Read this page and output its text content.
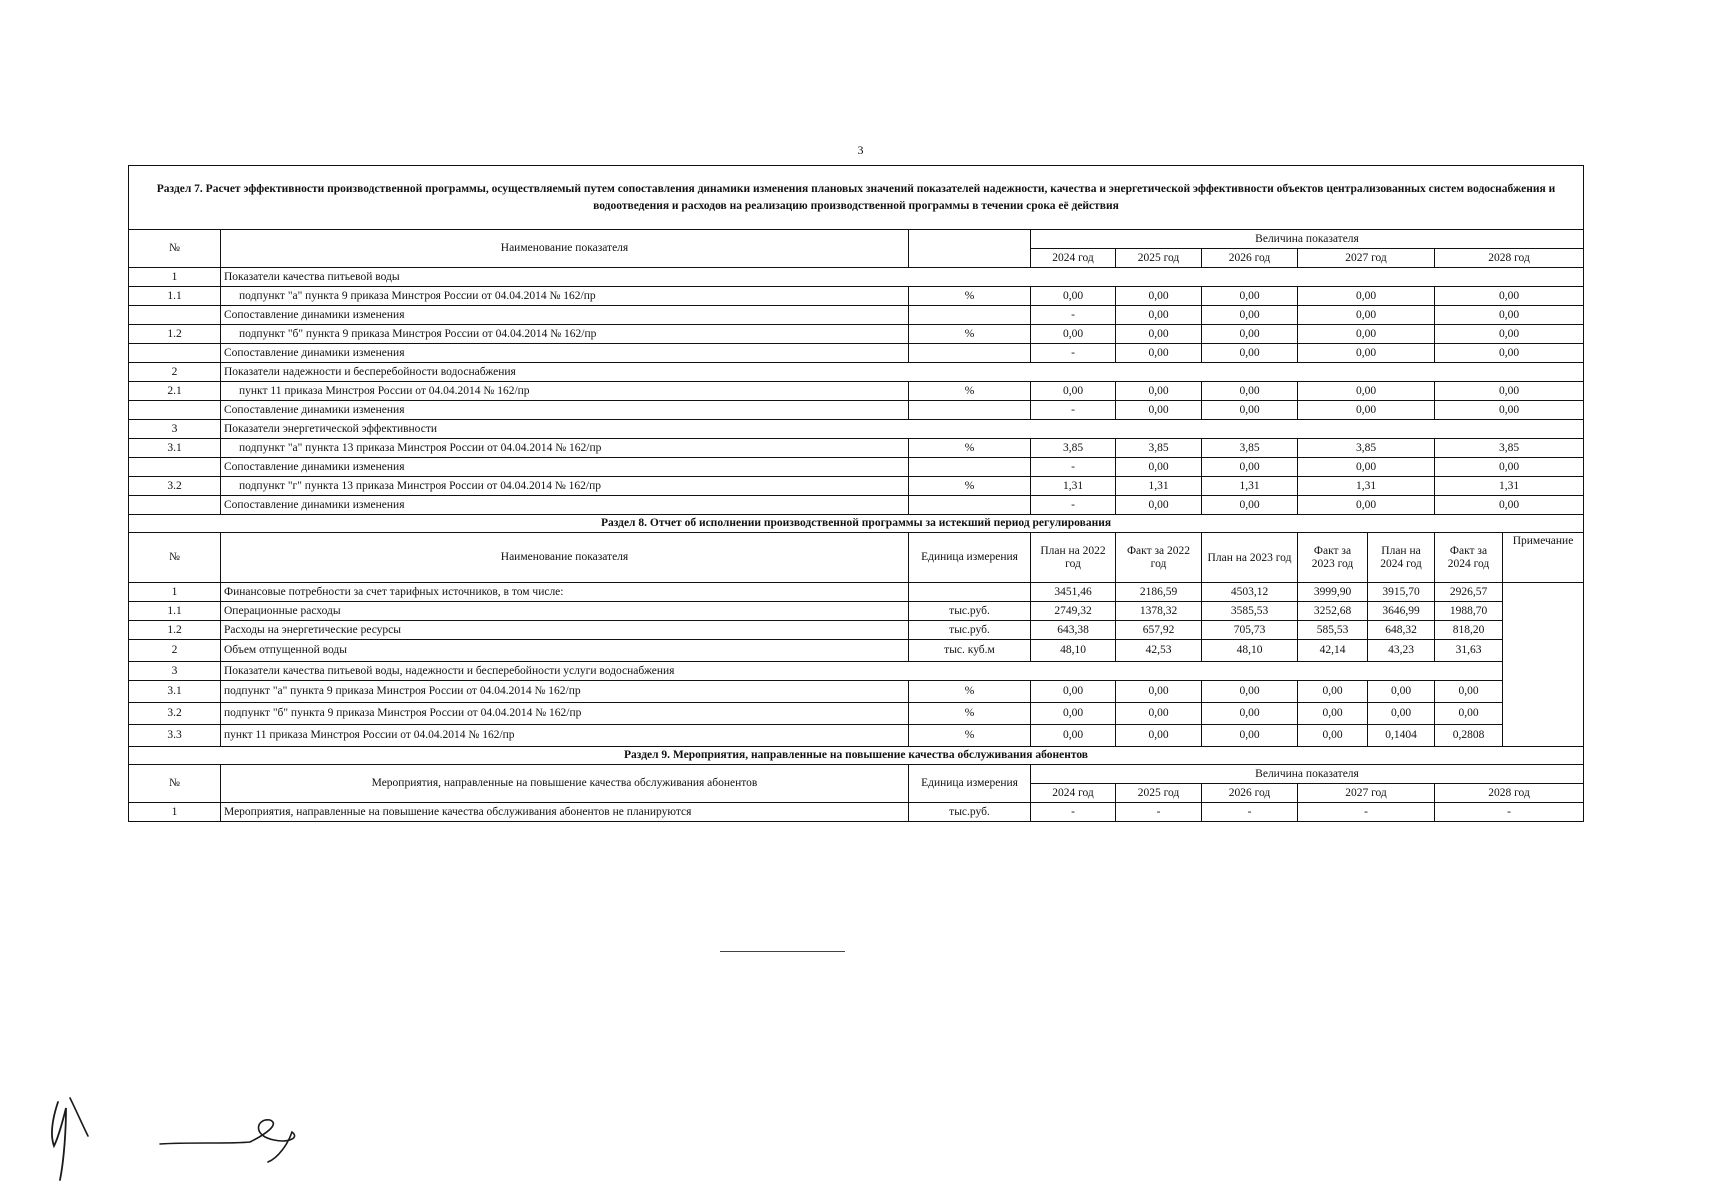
3
Раздел 7. Расчет эффективности производственной программы, осуществляемый путем сопоставления динамики изменения плановых значений показателей надежности, качества и энергетической эффективности объектов централизованных систем водоснабжения и водоотведения и расходов на реализацию производственной программы в течении срока её действия									
№	Наименование показателя		Величина показателя						
			2024 год	2025 год	2026 год	2027 год		2028 год	
1	Показатели качества питьевой воды								
1.1	подпункт "а" пункта 9 приказа Минстроя России от 04.04.2014 № 162/пр	%	0,00	0,00	0,00	0,00		0,00	
	Сопоставление динамики изменения		-	0,00	0,00	0,00		0,00	
1.2	подпункт "б" пункта 9 приказа Минстроя России от 04.04.2014 № 162/пр	%	0,00	0,00	0,00	0,00		0,00	
	Сопоставление динамики изменения		-	0,00	0,00	0,00		0,00	
2	Показатели надежности и бесперебойности водоснабжения								
2.1	пункт 11 приказа Минстроя России от 04.04.2014 № 162/пр	%	0,00	0,00	0,00	0,00		0,00	
	Сопоставление динамики изменения		-	0,00	0,00	0,00		0,00	
3	Показатели энергетической эффективности								
3.1	подпункт "а" пункта 13 приказа Минстроя России от 04.04.2014 № 162/пр	%	3,85	3,85	3,85	3,85		3,85	
	Сопоставление динамики изменения		-	0,00	0,00	0,00		0,00	
3.2	подпункт "г" пункта 13 приказа Минстроя России от 04.04.2014 № 162/пр	%	1,31	1,31	1,31	1,31		1,31	
	Сопоставление динамики изменения		-	0,00	0,00	0,00		0,00	
Раздел 8. Отчет об исполнении производственной программы за истекший период регулирования									
№	Наименование показателя	Единица измерения	План на 2022 год	Факт за 2022 год	План на 2023 год	Факт за 2023 год	План на 2024 год	Факт за 2024 год	Примечание
1	Финансовые потребности за счет тарифных источников, в том числе:		3451,46	2186,59	4503,12	3999,90	3915,70	2926,57	
1.1	Операционные расходы	тыс.руб.	2749,32	1378,32	3585,53	3252,68	3646,99	1988,70	
1.2	Расходы на энергетические ресурсы	тыс.руб.	643,38	657,92	705,73	585,53	648,32	818,20	
2	Объем отпущенной воды	тыс. куб.м	48,10	42,53	48,10	42,14	43,23	31,63	
3	Показатели качества питьевой воды, надежности и бесперебойности услуги водоснабжения								
3.1	подпункт "а" пункта 9 приказа Минстроя России от 04.04.2014 № 162/пр	%	0,00	0,00	0,00	0,00	0,00	0,00	
3.2	подпункт "б" пункта 9 приказа Минстроя России от 04.04.2014 № 162/пр	%	0,00	0,00	0,00	0,00	0,00	0,00	
3.3	пункт 11 приказа Минстроя России от 04.04.2014 № 162/пр	%	0,00	0,00	0,00	0,00	0,1404	0,2808	
Раздел 9. Мероприятия, направленные на повышение качества обслуживания абонентов									
№	Мероприятия, направленные на повышение качества обслуживания абонентов	Единица измерения	Величина показателя						
			2024 год	2025 год	2026 год	2027 год		2028 год	
1	Мероприятия, направленные на повышение качества обслуживания абонентов не планируются	тыс.руб.	-	-	-	-		-	
